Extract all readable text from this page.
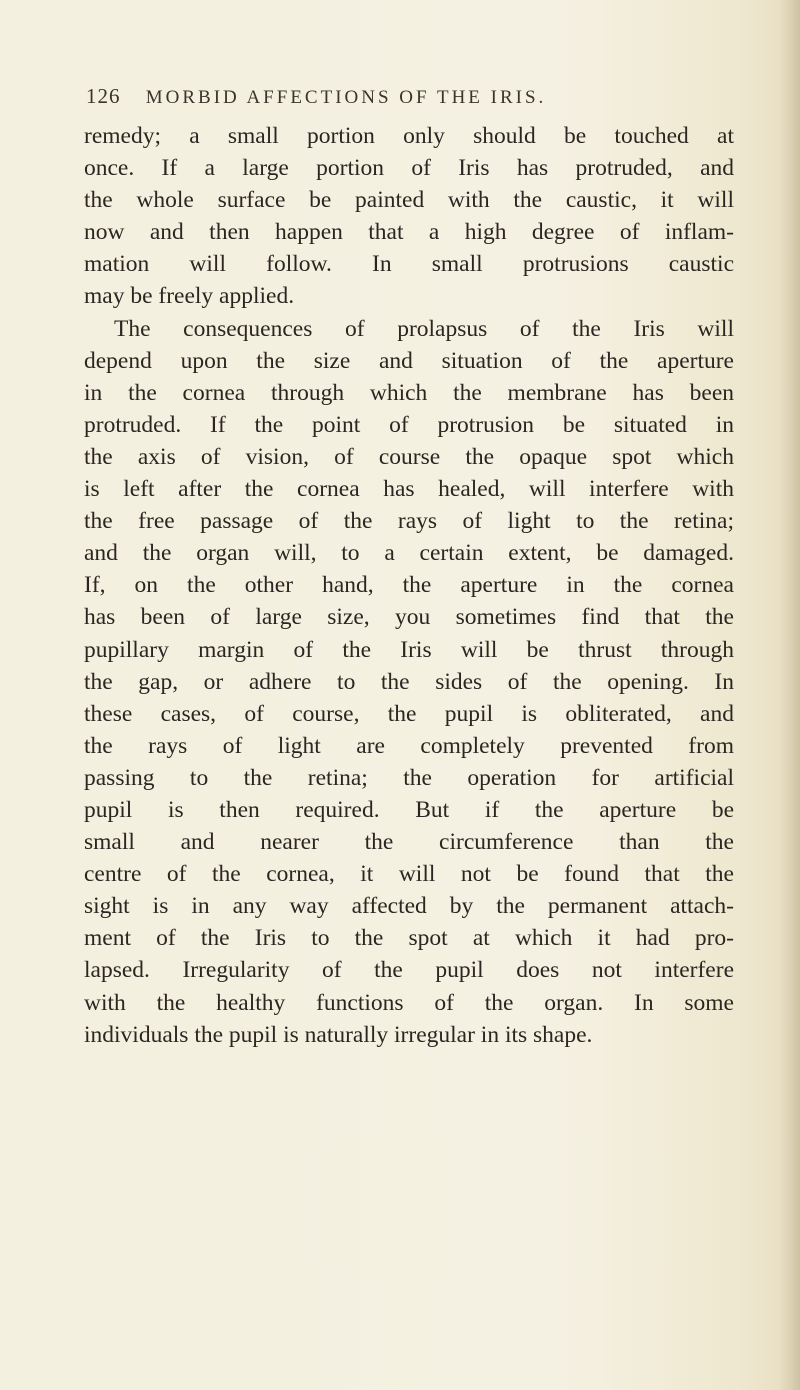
126 MORBID AFFECTIONS OF THE IRIS.
remedy; a small portion only should be touched at
once. If a large portion of Iris has protruded, and
the whole surface be painted with the caustic, it will
now and then happen that a high degree of inflam-
mation will follow. In small protrusions caustic
may be freely applied.
The consequences of prolapsus of the Iris will
depend upon the size and situation of the aperture
in the cornea through which the membrane has been
protruded. If the point of protrusion be situated in
the axis of vision, of course the opaque spot which
is left after the cornea has healed, will interfere with
the free passage of the rays of light to the retina;
and the organ will, to a certain extent, be damaged.
If, on the other hand, the aperture in the cornea
has been of large size, you sometimes find that the
pupillary margin of the Iris will be thrust through
the gap, or adhere to the sides of the opening. In
these cases, of course, the pupil is obliterated, and
the rays of light are completely prevented from
passing to the retina; the operation for artificial
pupil is then required. But if the aperture be
small and nearer the circumference than the
centre of the cornea, it will not be found that the
sight is in any way affected by the permanent attach-
ment of the Iris to the spot at which it had pro-
lapsed. Irregularity of the pupil does not interfere
with the healthy functions of the organ. In some
individuals the pupil is naturally irregular in its shape.
